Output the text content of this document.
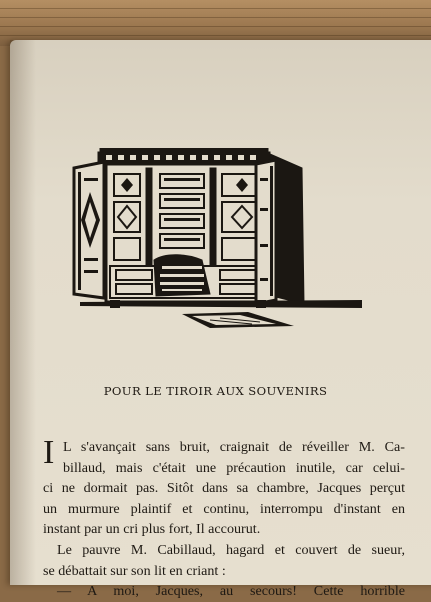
POUR LE TIROIR AUX SOUVENIRS
I L s'avançait sans bruit, craignait de réveiller M. Ca-
billaud, mais c'était une précaution inutile, car celui-
ci ne dormait pas. Sitôt dans sa chambre, Jacques perçut
un murmure plaintif et continu, interrompu d'instant en
instant par un cri plus fort, Il accourut.
Le pauvre M. Cabillaud, hagard et couvert de sueur,
se débattait sur son lit en criant :
— A moi, Jacques, au secours! Cette horrible
